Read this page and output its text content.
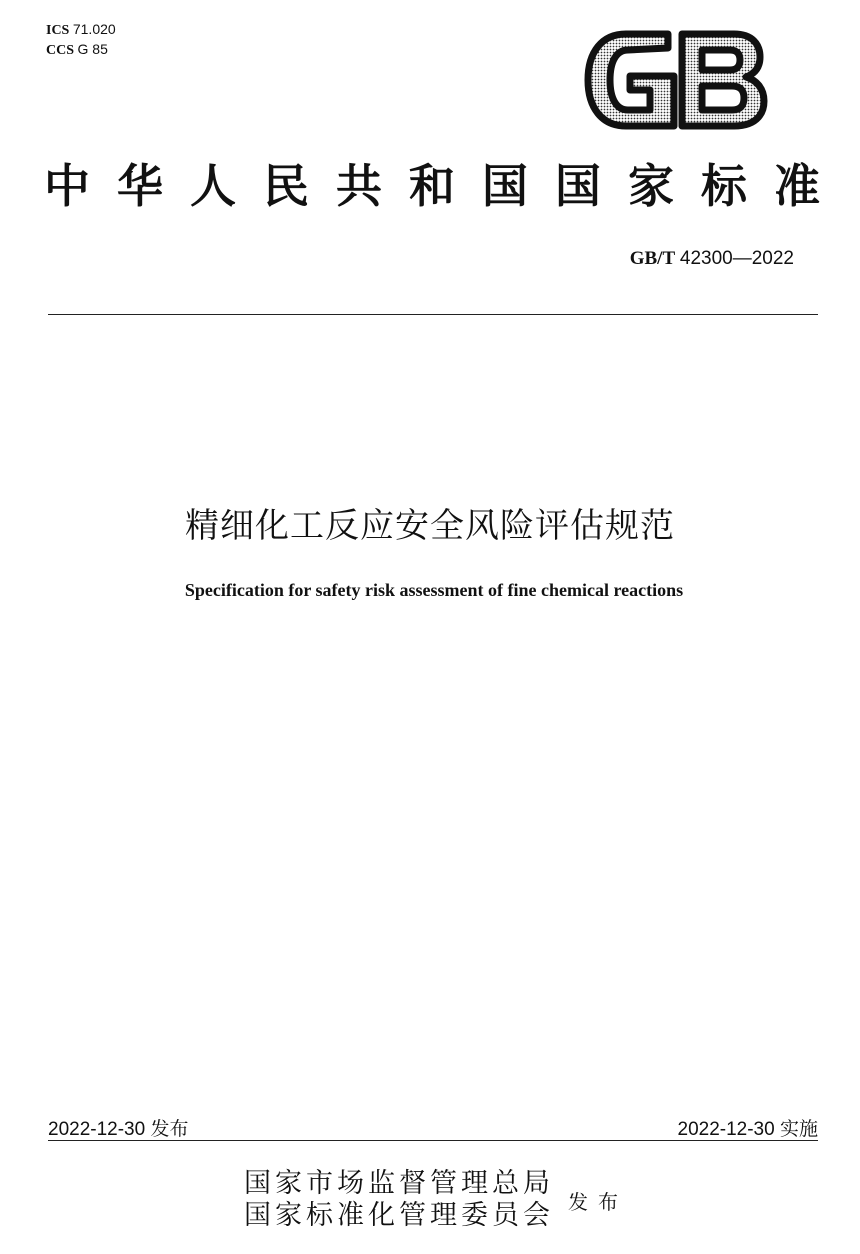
ICS 71.020
CCS G 85
中 华 人 民 共 和 国 国 家 标 准
GB/T 42300—2022
精细化工反应安全风险评估规范
Specification for safety risk assessment of fine chemical reactions
2022-12-30 发布	2022-12-30 实施
国家市场监督管理总局
国家标准化管理委员会 发布
